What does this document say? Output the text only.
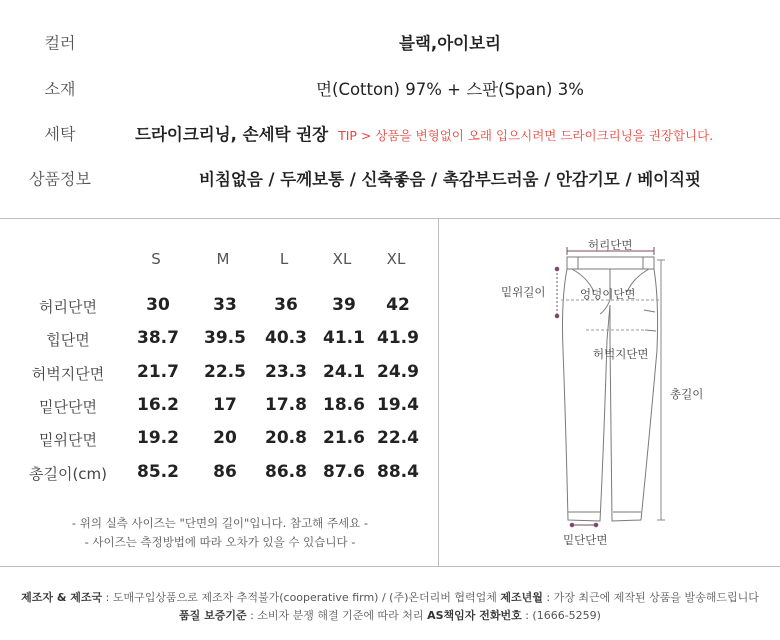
컬러	블랙,아이보리
소재	면(Cotton) 97% + 스판(Span) 3%
세탁	드라이크리닝, 손세탁 권장 TIP > 상품을 변형없이 오래 입으시려면 드라이크리닝을 권장합니다.
상품정보	비침없음 / 두께보통 / 신축좋음 / 촉감부드러움 / 안감기모 / 베이직핏
S	M	L	XL	XL
허리단면	30	33	36	39	42
힙단면	38.7 39.5 40.3 41.1 41.9
허벅지단면	21.7 22.5 23.3 24.1 24.9
밑단단면	16.2	17	17.8 18.6 19.4
밑위단면	19.2	20	20.8 21.6 22.4
총길이(cm)	85.2	86	86.8 87.6 88.4
- 위의 실측 사이즈는 "단면의 길이"입니다. 참고해 주세요 -
- 사이즈는 측정방법에 따라 오차가 있을 수 있습니다 -
허리단면
밑위길이	엉덩이단면
허벅지단면
총길이
밑단단면
제조자 & 제조국 : 도매구입상품으로 제조자 추적불가(cooperative firm) / (주)온더리버 협력업체 제조년월 : 가장 최근에 제작된 상품을 발송해드립니다
품질 보증기준 : 소비자 분쟁 해결 기준에 따라 처리 AS책임자 전화번호 : (1666-5259)
